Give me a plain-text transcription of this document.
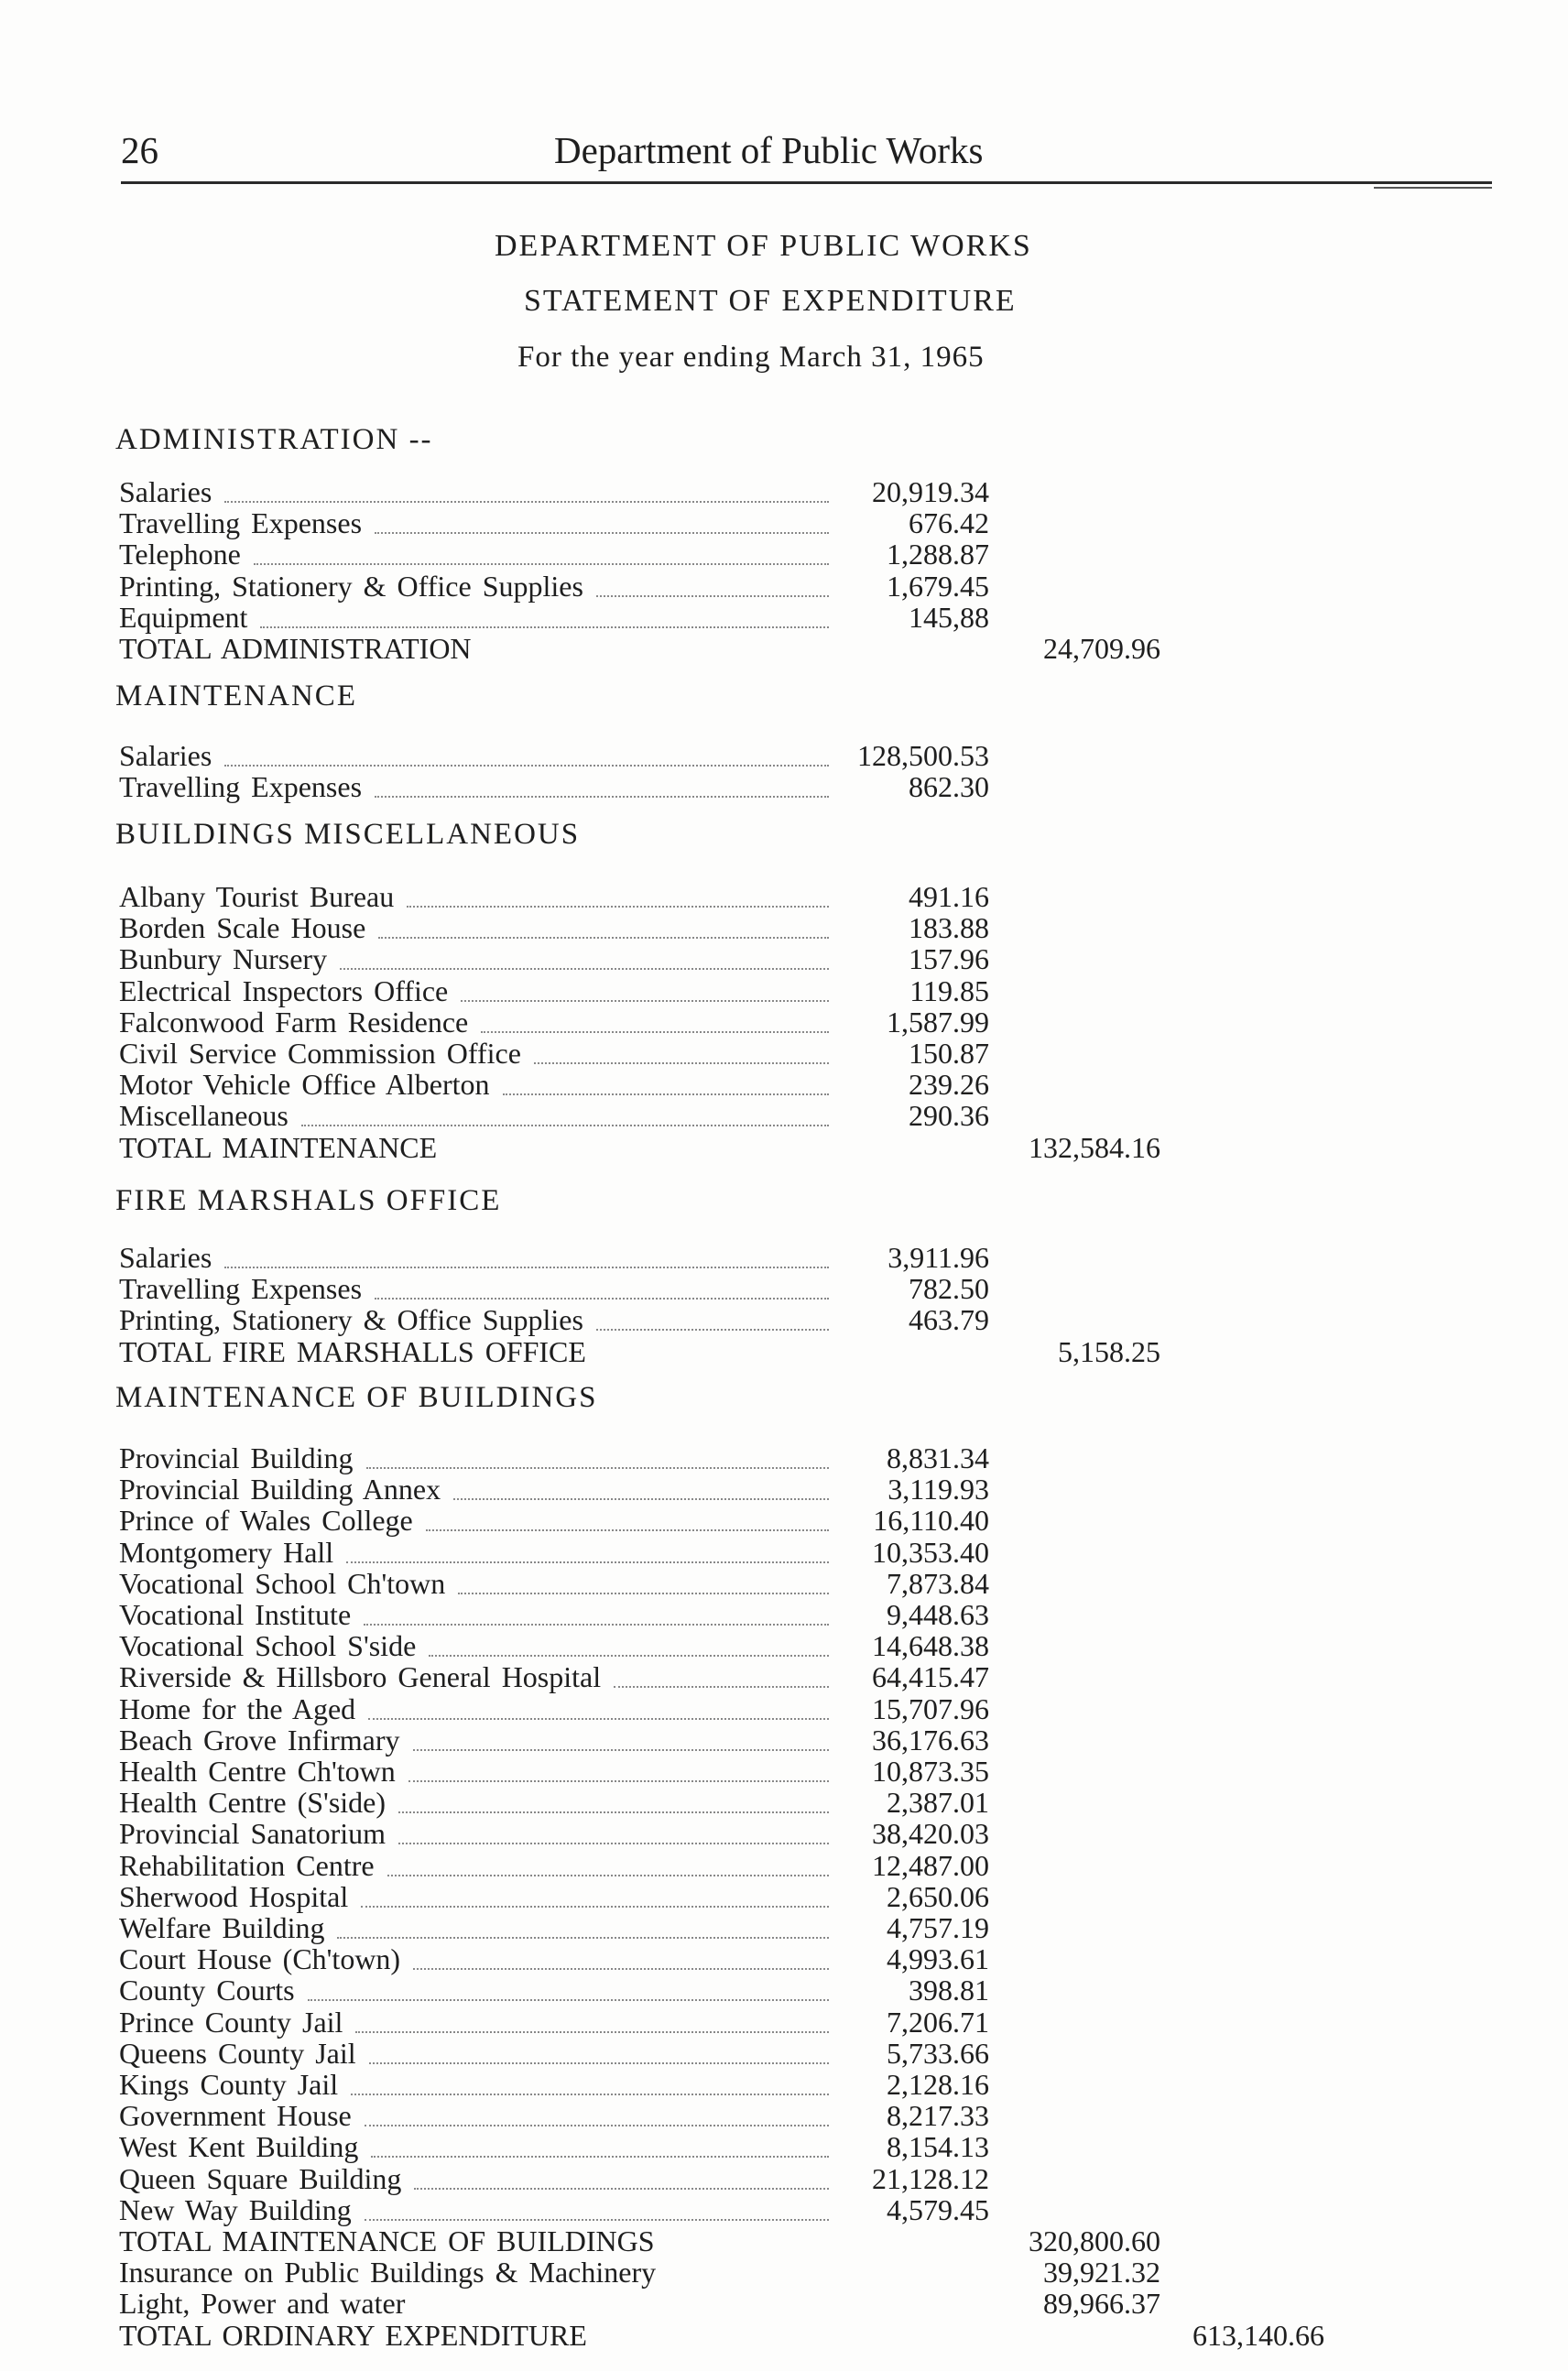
26	Department of Public Works
DEPARTMENT OF PUBLIC WORKS
STATEMENT OF EXPENDITURE
For the year ending March 31, 1965
ADMINISTRATION --
Salaries	20,919.34
Travelling Expenses	676.42
Telephone	1,288.87
Printing, Stationery & Office Supplies	1,679.45
Equipment	145,88
TOTAL ADMINISTRATION	24,709.96
MAINTENANCE
Salaries	128,500.53
Travelling Expenses	862.30
BUILDINGS MISCELLANEOUS
Albany Tourist Bureau	491.16
Borden Scale House	183.88
Bunbury Nursery	157.96
Electrical Inspectors Office	119.85
Falconwood Farm Residence	1,587.99
Civil Service Commission Office	150.87
Motor Vehicle Office Alberton	239.26
Miscellaneous	290.36
TOTAL MAINTENANCE	132,584.16
FIRE MARSHALS OFFICE
Salaries	3,911.96
Travelling Expenses	782.50
Printing, Stationery & Office Supplies	463.79
TOTAL FIRE MARSHALLS OFFICE	5,158.25
MAINTENANCE OF BUILDINGS
Provincial Building	8,831.34
Provincial Building Annex	3,119.93
Prince of Wales College	16,110.40
Montgomery Hall	10,353.40
Vocational School Ch'town	7,873.84
Vocational Institute	9,448.63
Vocational School S'side	14,648.38
Riverside & Hillsboro General Hospital	64,415.47
Home for the Aged	15,707.96
Beach Grove Infirmary	36,176.63
Health Centre Ch'town	10,873.35
Health Centre (S'side)	2,387.01
Provincial Sanatorium	38,420.03
Rehabilitation Centre	12,487.00
Sherwood Hospital	2,650.06
Welfare Building	4,757.19
Court House (Ch'town)	4,993.61
County Courts	398.81
Prince County Jail	7,206.71
Queens County Jail	5,733.66
Kings County Jail	2,128.16
Government House	8,217.33
West Kent Building	8,154.13
Queen Square Building	21,128.12
New Way Building	4,579.45
TOTAL MAINTENANCE OF BUILDINGS	320,800.60
Insurance on Public Buildings & Machinery	39,921.32
Light, Power and water	89,966.37
TOTAL ORDINARY EXPENDITURE	613,140.66
